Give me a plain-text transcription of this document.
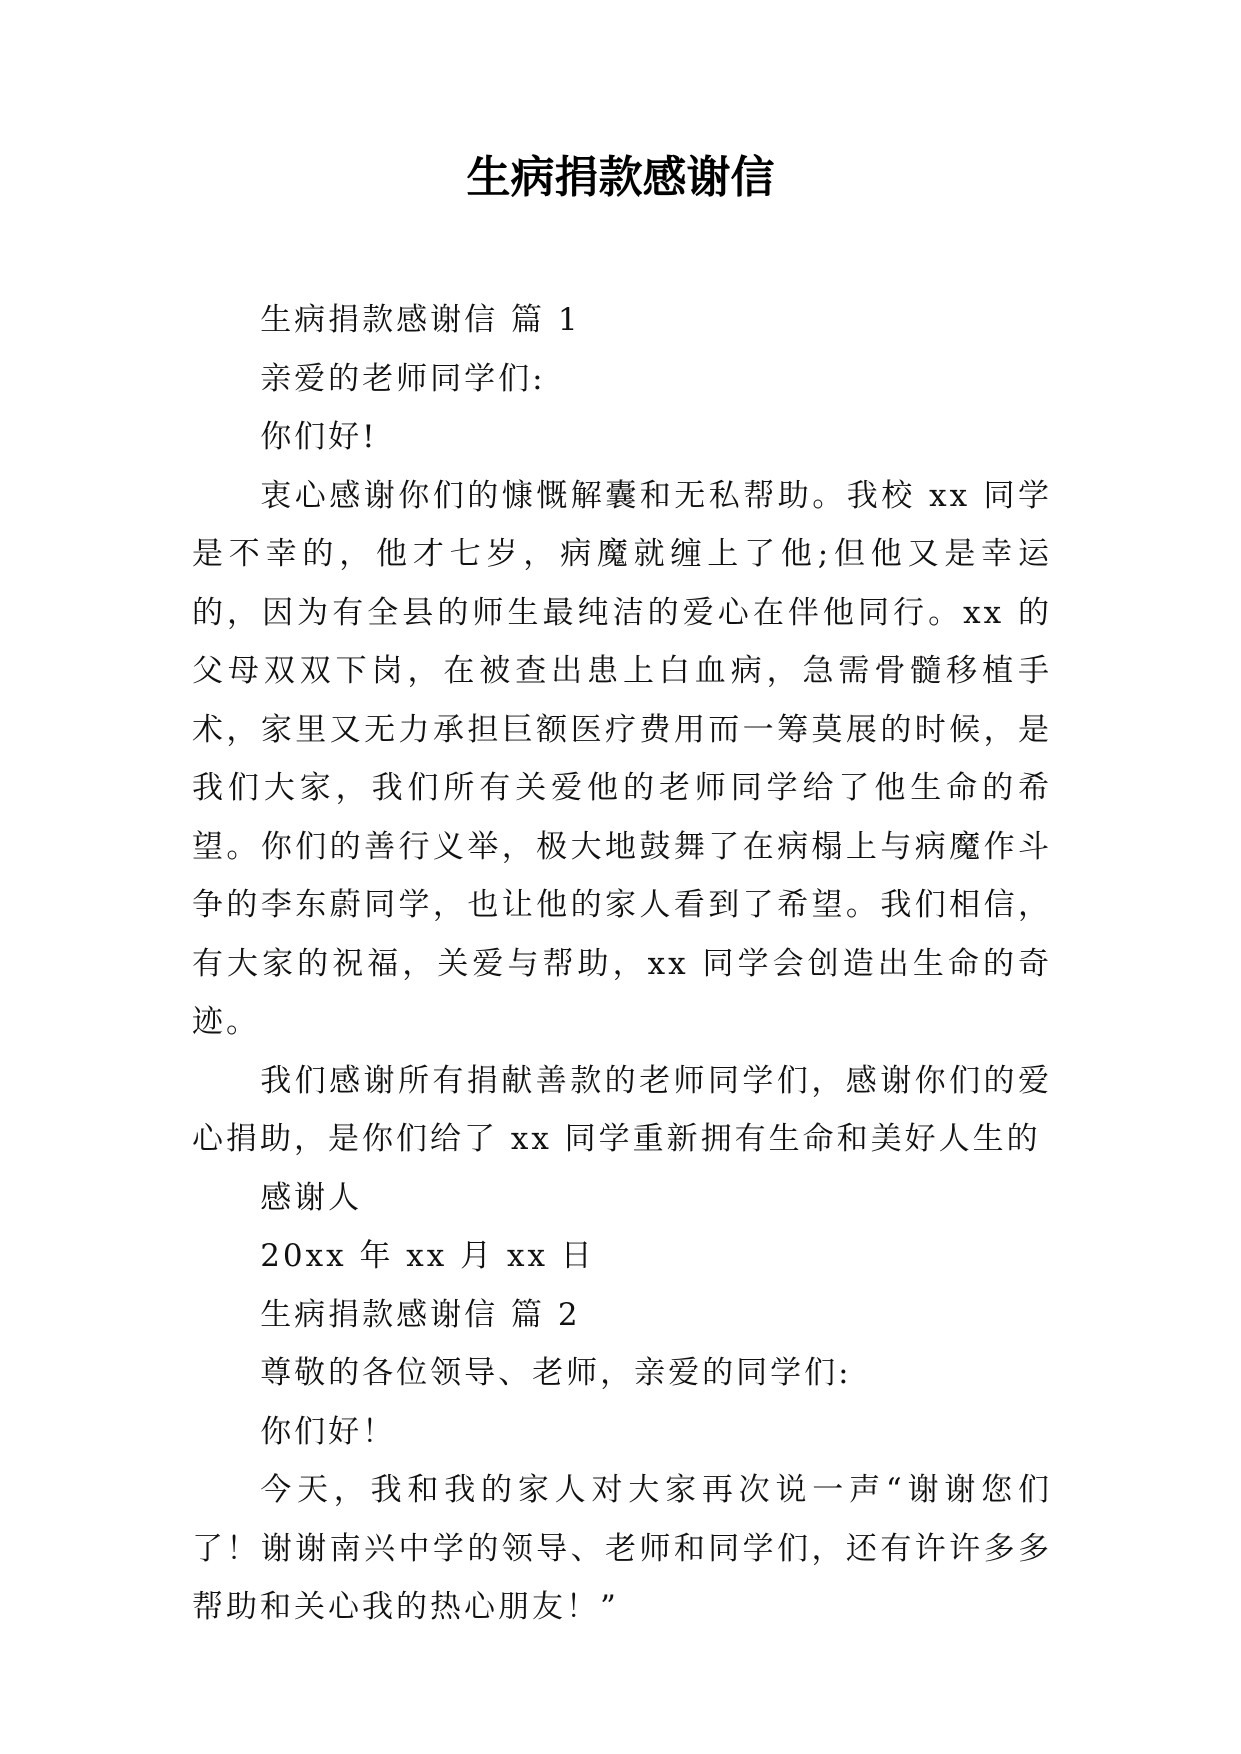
生病捐款感谢信

生病捐款感谢信 篇 1

亲爱的老师同学们:

你们好!

衷心感谢你们的慷慨解囊和无私帮助。我校 xx 同学是不幸的，他才七岁，病魔就缠上了他;但他又是幸运的，因为有全县的师生最纯洁的爱心在伴他同行。xx 的父母双双下岗，在被查出患上白血病，急需骨髓移植手术，家里又无力承担巨额医疗费用而一筹莫展的时候，是我们大家，我们所有关爱他的老师同学给了他生命的希望。你们的善行义举，极大地鼓舞了在病榻上与病魔作斗争的李东蔚同学，也让他的家人看到了希望。我们相信，有大家的祝福，关爱与帮助，xx 同学会创造出生命的奇迹。

我们感谢所有捐献善款的老师同学们，感谢你们的爱心捐助，是你们给了 xx 同学重新拥有生命和美好人生的

感谢人

20xx 年 xx 月 xx 日

生病捐款感谢信 篇 2

尊敬的各位领导、老师，亲爱的同学们:

你们好！

今天，我和我的家人对大家再次说一声“谢谢您们了！谢谢南兴中学的领导、老师和同学们，还有许许多多帮助和关心我的热心朋友！”
